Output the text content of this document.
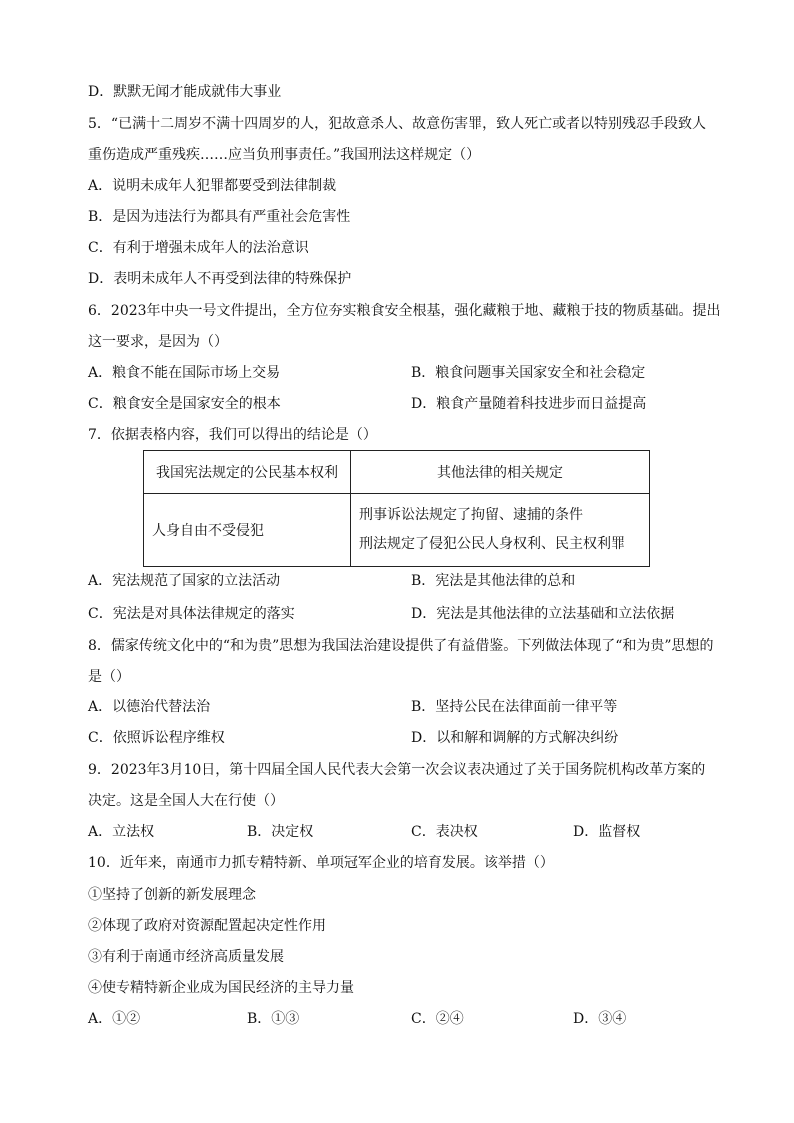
D．默默无闻才能成就伟大事业
5．“已满十二周岁不满十四周岁的人，犯故意杀人、故意伤害罪，致人死亡或者以特别残忍手段致人
重伤造成严重残疾……应当负刑事责任。”我国刑法这样规定（）
A．说明未成年人犯罪都要受到法律制裁
B．是因为违法行为都具有严重社会危害性
C．有利于增强未成年人的法治意识
D．表明未成年人不再受到法律的特殊保护
6．2023年中央一号文件提出，全方位夯实粮食安全根基，强化藏粮于地、藏粮于技的物质基础。提出
这一要求，是因为（）
A．粮食不能在国际市场上交易	B．粮食问题事关国家安全和社会稳定
C．粮食安全是国家安全的根本	D．粮食产量随着科技进步而日益提高
7．依据表格内容，我们可以得出的结论是（）
我国宪法规定的公民基本权利	其他法律的相关规定
人身自由不受侵犯	刑事诉讼法规定了拘留、逮捕的条件
刑法规定了侵犯公民人身权利、民主权利罪
A．宪法规范了国家的立法活动	B．宪法是其他法律的总和
C．宪法是对具体法律规定的落实	D．宪法是其他法律的立法基础和立法依据
8．儒家传统文化中的“和为贵”思想为我国法治建设提供了有益借鉴。下列做法体现了“和为贵”思想的
是（）
A．以德治代替法治	B．坚持公民在法律面前一律平等
C．依照诉讼程序维权	D．以和解和调解的方式解决纠纷
9．2023年3月10日，第十四届全国人民代表大会第一次会议表决通过了关于国务院机构改革方案的
决定。这是全国人大在行使（）
A．立法权	B．决定权	C．表决权	D．监督权
10．近年来，南通市力抓专精特新、单项冠军企业的培育发展。该举措（）
①坚持了创新的新发展理念
②体现了政府对资源配置起决定性作用
③有利于南通市经济高质量发展
④使专精特新企业成为国民经济的主导力量
A．①②	B．①③	C．②④	D．③④
